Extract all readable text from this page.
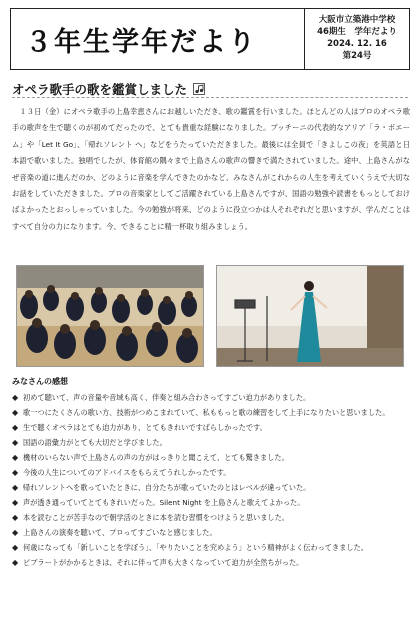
３年生学年だより
大阪市立築港中学校
46期生　学年だより
2024. 12. 16
第24号
オペラ歌手の歌を鑑賞しました

　１３日（金）にオペラ歌手の上島幸恵さんにお越しいただき、歌の鑑賞を行いました。ほとんどの人はプロのオペラ歌手の歌声を生で聴くのが初めてだったので、とても貴重な経験になりました。プッチーニの代表的なアリア「ラ・ボエーム」や「Let It Go」、「帰れソレント へ」などをうたっていただきました。最後には全員で「きよしこの夜」を英語と日本語で歌いました。独唱でしたが、体育館の隅々まで上島さんの歌声の響きで満たされていました。途中、上島さんがなぜ音楽の道に進んだのか、どのように音楽を学んできたのかなど、みなさんがこれからの人生を考えていくうえで大切なお話をしていただきました。プロの音楽家としてご活躍されている上島さんですが、国語の勉強や読書をもっとしておけばよかったとおっしゃっていました。今の勉強が将来、どのように役立つかは人それぞれだと思いますが、学んだことはすべて自分の力になります。今、できることに精一杯取り組みましょう。

みなさんの感想
◆ 初めて聴いて、声の音量や音域も高く、伴奏と組み合わさってすごい迫力がありました。
◆ 歌一つにたくさんの歌い方、技術がつめこまれていて、私ももっと歌の練習をして上手になりたいと思いました。
◆ 生で聴くオペラはとても迫力があり、とてもきれいですばらしかったです。
◆ 国語の語彙力がとても大切だと学びました。
◆ 機材のいらない声で上島さんの声の方がはっきりと聞こえて、とても驚きました。
◆ 今後の人生についてのアドバイスをもらえてうれしかったです。
◆ 帰れソレントへを歌っていたときに、自分たちが歌っていたのとはレベルが違っていた。
◆ 声が透き通っていてとてもきれいだった。Silent Night を上島さんと歌えてよかった。
◆ 本を読むことが苦手なので朝学活のときに本を読む習慣をつけようと思いました。
◆ 上島さんの演奏を聴いて、プロってすごいなと感じました。
◆ 何歳になっても「新しいことを学ぼう」、「やりたいことを究めよう」という精神がよく伝わってきました。
◆ ビブラートがかかるときは、それに伴って声も大きくなっていて迫力が全然ちがった。
